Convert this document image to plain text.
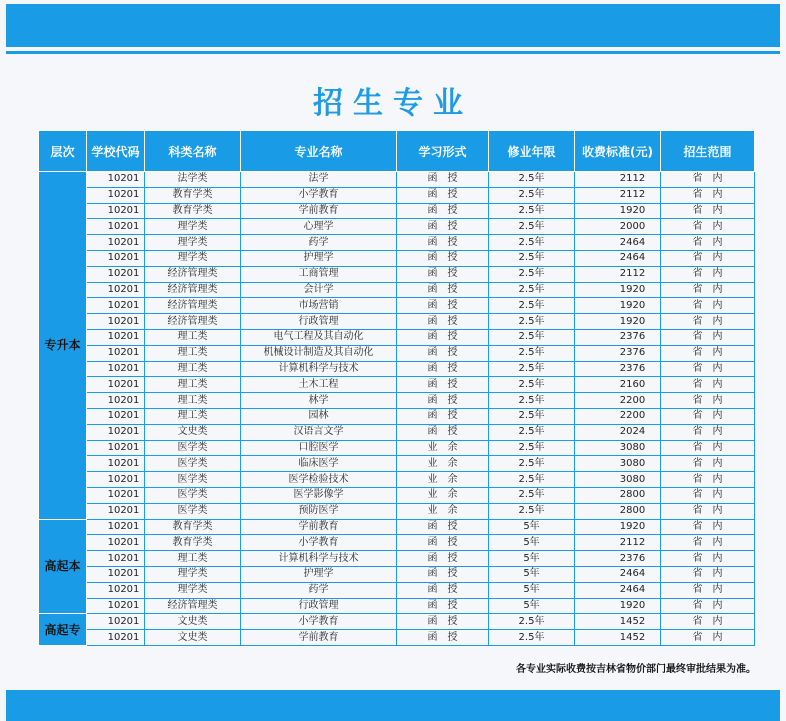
招生专业
层次	学校代码	科类名称	专业名称	学习形式	修业年限	收费标准(元)	招生范围
专升本	10201	法学类	法学	函　授	2.5年	2112	省　内
	10201	教育学类	小学教育	函　授	2.5年	2112	省　内
	10201	教育学类	学前教育	函　授	2.5年	1920	省　内
	10201	理学类	心理学	函　授	2.5年	2000	省　内
	10201	理学类	药学	函　授	2.5年	2464	省　内
	10201	理学类	护理学	函　授	2.5年	2464	省　内
	10201	经济管理类	工商管理	函　授	2.5年	2112	省　内
	10201	经济管理类	会计学	函　授	2.5年	1920	省　内
	10201	经济管理类	市场营销	函　授	2.5年	1920	省　内
	10201	经济管理类	行政管理	函　授	2.5年	1920	省　内
	10201	理工类	电气工程及其自动化	函　授	2.5年	2376	省　内
	10201	理工类	机械设计制造及其自动化	函　授	2.5年	2376	省　内
	10201	理工类	计算机科学与技术	函　授	2.5年	2376	省　内
	10201	理工类	土木工程	函　授	2.5年	2160	省　内
	10201	理工类	林学	函　授	2.5年	2200	省　内
	10201	理工类	园林	函　授	2.5年	2200	省　内
	10201	文史类	汉语言文学	函　授	2.5年	2024	省　内
	10201	医学类	口腔医学	业　余	2.5年	3080	省　内
	10201	医学类	临床医学	业　余	2.5年	3080	省　内
	10201	医学类	医学检验技术	业　余	2.5年	3080	省　内
	10201	医学类	医学影像学	业　余	2.5年	2800	省　内
	10201	医学类	预防医学	业　余	2.5年	2800	省　内
高起本	10201	教育学类	学前教育	函　授	5年	1920	省　内
	10201	教育学类	小学教育	函　授	5年	2112	省　内
	10201	理工类	计算机科学与技术	函　授	5年	2376	省　内
	10201	理学类	护理学	函　授	5年	2464	省　内
	10201	理学类	药学	函　授	5年	2464	省　内
	10201	经济管理类	行政管理	函　授	5年	1920	省　内
高起专	10201	文史类	小学教育	函　授	2.5年	1452	省　内
	10201	文史类	学前教育	函　授	2.5年	1452	省　内
各专业实际收费按吉林省物价部门最终审批结果为准。
